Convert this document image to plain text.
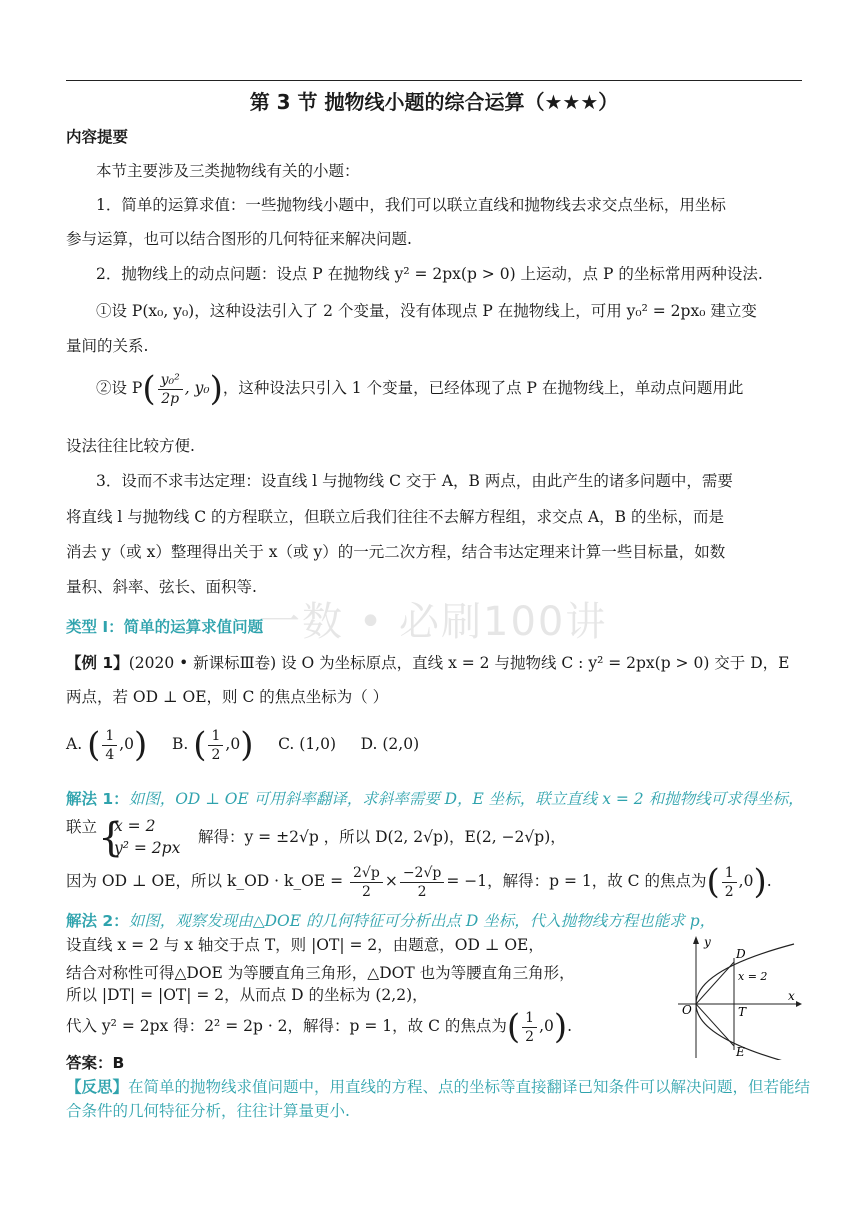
第 3 节 抛物线小题的综合运算（★★★）
内容提要
本节主要涉及三类抛物线有关的小题：
1．简单的运算求值：一些抛物线小题中，我们可以联立直线和抛物线去求交点坐标，用坐标
参与运算，也可以结合图形的几何特征来解决问题.
2．抛物线上的动点问题：设点 P 在抛物线 y² = 2px(p > 0) 上运动，点 P 的坐标常用两种设法.
①设 P(x₀, y₀)，这种设法引入了 2 个变量，没有体现点 P 在抛物线上，可用 y₀² = 2px₀ 建立变
量间的关系.
②设 $P( \frac{\text{y₀²}}{2p}$ , y₀)，这种设法只引入 1 个变量，已经体现了点 P 在抛物线上，单动点问题用此
设法往往比较方便.
3．设而不求韦达定理：设直线 l 与抛物线 C 交于 A，B 两点，由此产生的诸多问题中，需要
将直线 l 与抛物线 C 的方程联立，但联立后我们往往不去解方程组，求交点 A，B 的坐标，而是
消去 y（或 x）整理得出关于 x（或 y）的一元二次方程，结合韦达定理来计算一些目标量，如数
量积、斜率、弦长、面积等.
一数 • 必刷100讲
类型 I：简单的运算求值问题
【例 1】(2020 • 新课标Ⅲ卷) 设 O 为坐标原点，直线 x = 2 与抛物线 C : y² = 2px(p > 0) 交于 D，E
两点，若 OD ⊥ OE，则 C 的焦点坐标为（ ）
A. ( $\frac{1}{4} ,0$) B. ( $\frac{1}{2} ,0$) C. (1,0) D. (2,0)
解法 1：如图，OD ⊥ OE 可用斜率翻译，求斜率需要 D，E 坐标，联立直线 x = 2 和抛物线可求得坐标，
联立 {
x = 2
y² = 2px
解得：y = ±2√p ，所以 D(2, 2√p)，E(2, −2√p)，
因为 OD ⊥ OE，所以 k_OD · k_OE = $\frac{2√p}{2} \times \frac{-2√p}{2} = -1$，解得：p = 1，故 C 的焦点为( $\frac{1}{2} ,0$).
解法 2：如图，观察发现由△DOE 的几何特征可分析出点 D 坐标，代入抛物线方程也能求 p，
设直线 x = 2 与 x 轴交于点 T，则 |OT| = 2，由题意，OD ⊥ OE，
结合对称性可得△DOE 为等腰直角三角形，△DOT 也为等腰直角三角形，
所以 |DT| = |OT| = 2，从而点 D 的坐标为 (2,2)，
代入 y² = 2px 得：2² = 2p · 2，解得：p = 1，故 C 的焦点为( $\frac{1}{2} ,0$).
y
x
O
D
E
T
x = 2
答案：B
【反思】在简单的抛物线求值问题中，用直线的方程、点的坐标等直接翻译已知条件可以解决问题，但若能结
合条件的几何特征分析，往往计算量更小.
